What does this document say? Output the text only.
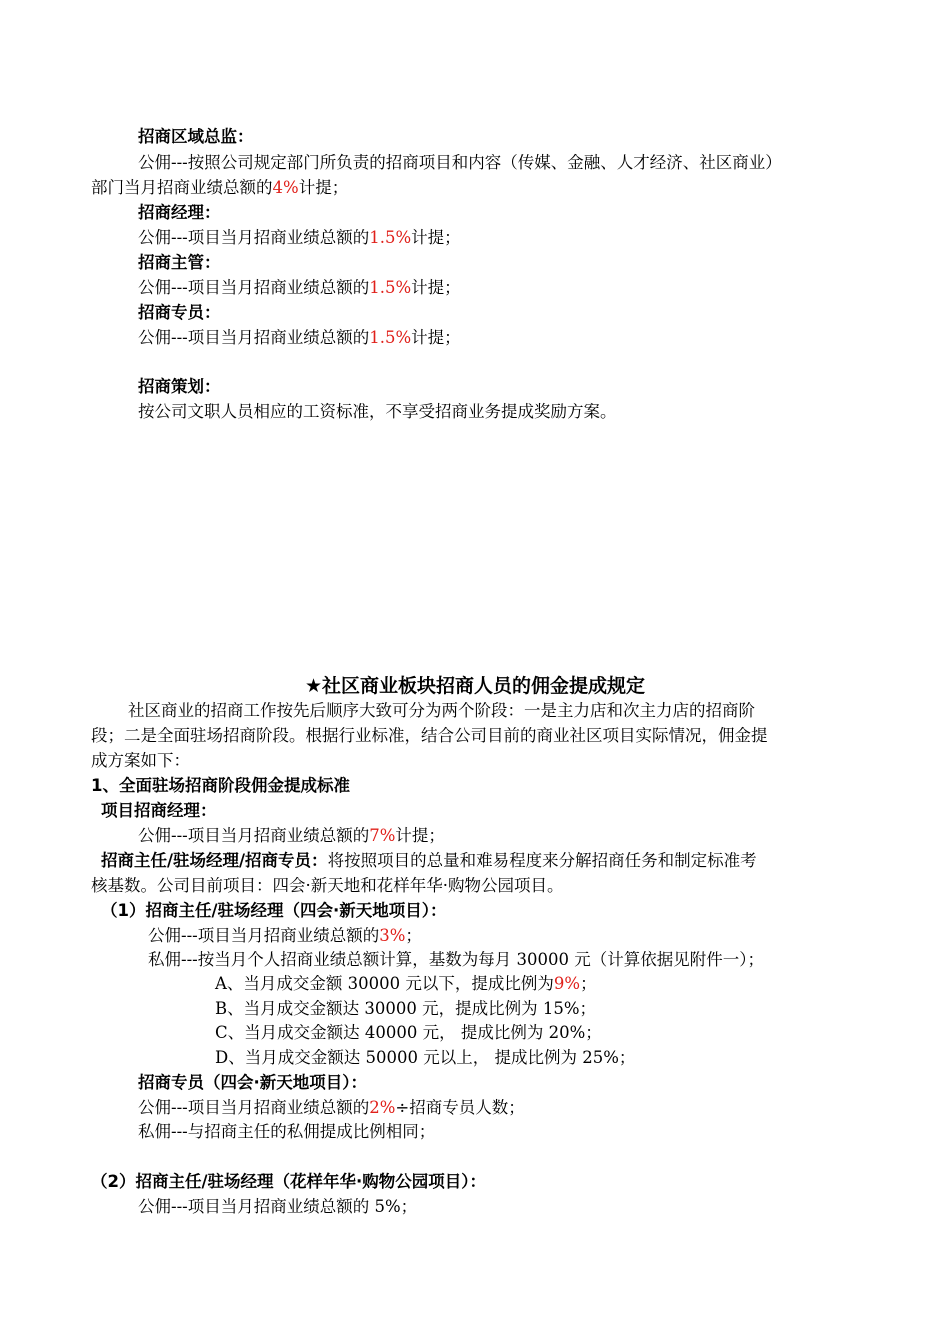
招商区域总监：
公佣---按照公司规定部门所负责的招商项目和内容（传媒、金融、人才经济、社区商业）
部门当月招商业绩总额的4%计提；
招商经理：
公佣---项目当月招商业绩总额的1.5%计提；
招商主管：
公佣---项目当月招商业绩总额的1.5%计提；
招商专员：
公佣---项目当月招商业绩总额的1.5%计提；
招商策划：
按公司文职人员相应的工资标准，不享受招商业务提成奖励方案。
★社区商业板块招商人员的佣金提成规定
社区商业的招商工作按先后顺序大致可分为两个阶段：一是主力店和次主力店的招商阶
段；二是全面驻场招商阶段。根据行业标准，结合公司目前的商业社区项目实际情况，佣金提
成方案如下：
1、全面驻场招商阶段佣金提成标准
项目招商经理：
公佣---项目当月招商业绩总额的7%计提；
招商主任/驻场经理/招商专员：将按照项目的总量和难易程度来分解招商任务和制定标准考
核基数。公司目前项目：四会·新天地和花样年华·购物公园项目。
（1）招商主任/驻场经理（四会·新天地项目）：
公佣---项目当月招商业绩总额的3%；
私佣---按当月个人招商业绩总额计算，基数为每月 30000 元（计算依据见附件一）；
A、当月成交金额 30000 元以下，提成比例为9%；
B、当月成交金额达 30000 元，提成比例为 15%；
C、当月成交金额达 40000 元， 提成比例为 20%；
D、当月成交金额达 50000 元以上， 提成比例为 25%；
招商专员（四会·新天地项目）：
公佣---项目当月招商业绩总额的2%÷招商专员人数；
私佣---与招商主任的私佣提成比例相同；
（2）招商主任/驻场经理（花样年华·购物公园项目）：
公佣---项目当月招商业绩总额的 5%；
